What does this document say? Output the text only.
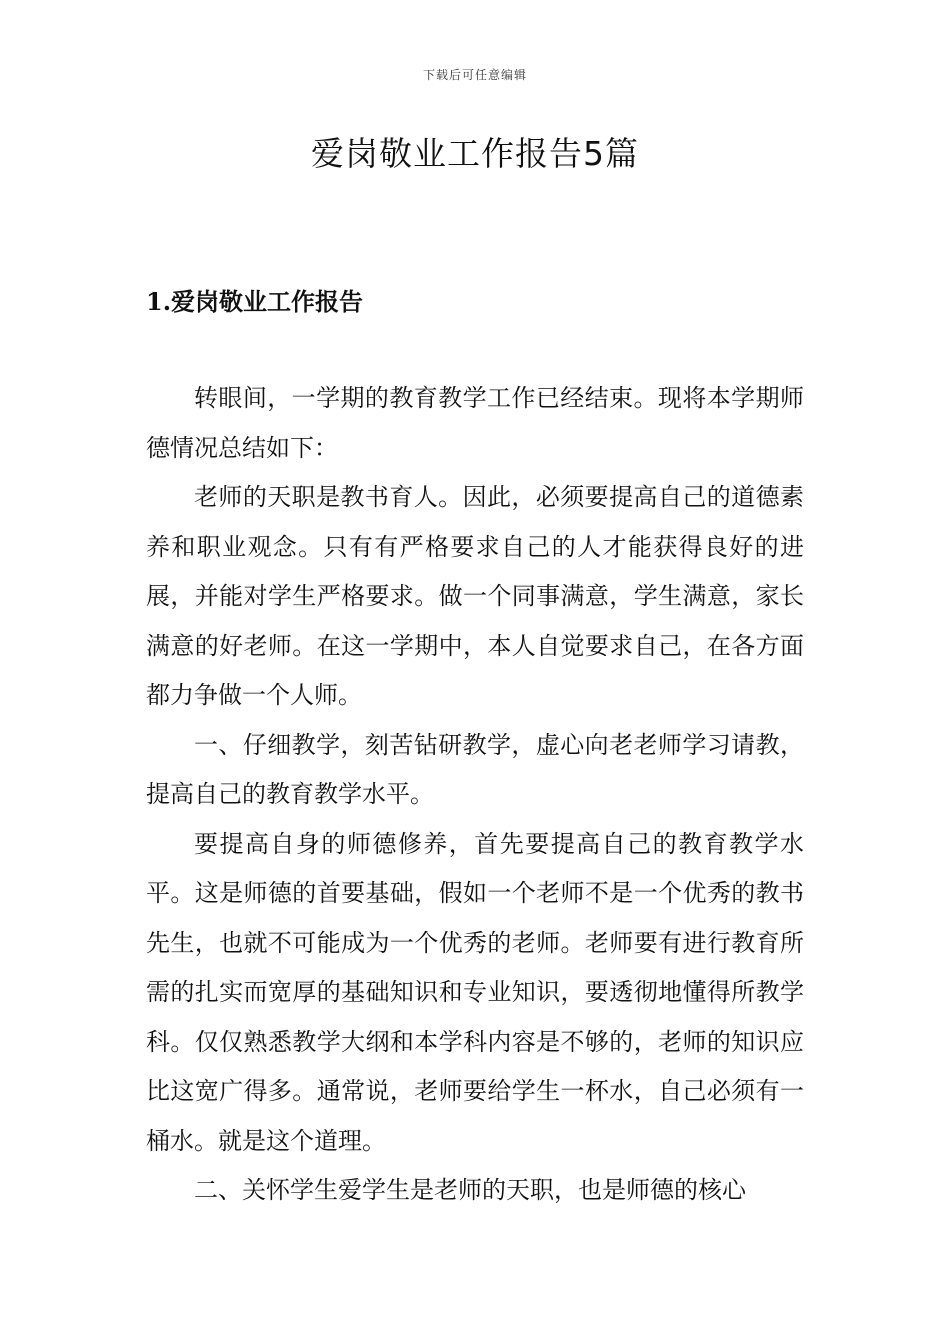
下载后可任意编辑
爱岗敬业工作报告5篇
1.爱岗敬业工作报告

转眼间，一学期的教育教学工作已经结束。现将本学期师德情况总结如下：

老师的天职是教书育人。因此，必须要提高自己的道德素养和职业观念。只有有严格要求自己的人才能获得良好的进展，并能对学生严格要求。做一个同事满意，学生满意，家长满意的好老师。在这一学期中，本人自觉要求自己，在各方面都力争做一个人师。

一、仔细教学，刻苦钻研教学，虚心向老老师学习请教，提高自己的教育教学水平。

要提高自身的师德修养，首先要提高自己的教育教学水平。这是师德的首要基础，假如一个老师不是一个优秀的教书先生，也就不可能成为一个优秀的老师。老师要有进行教育所需的扎实而宽厚的基础知识和专业知识，要透彻地懂得所教学科。仅仅熟悉教学大纲和本学科内容是不够的，老师的知识应比这宽广得多。通常说，老师要给学生一杯水，自己必须有一桶水。就是这个道理。

二、关怀学生爱学生是老师的天职，也是师德的核心
